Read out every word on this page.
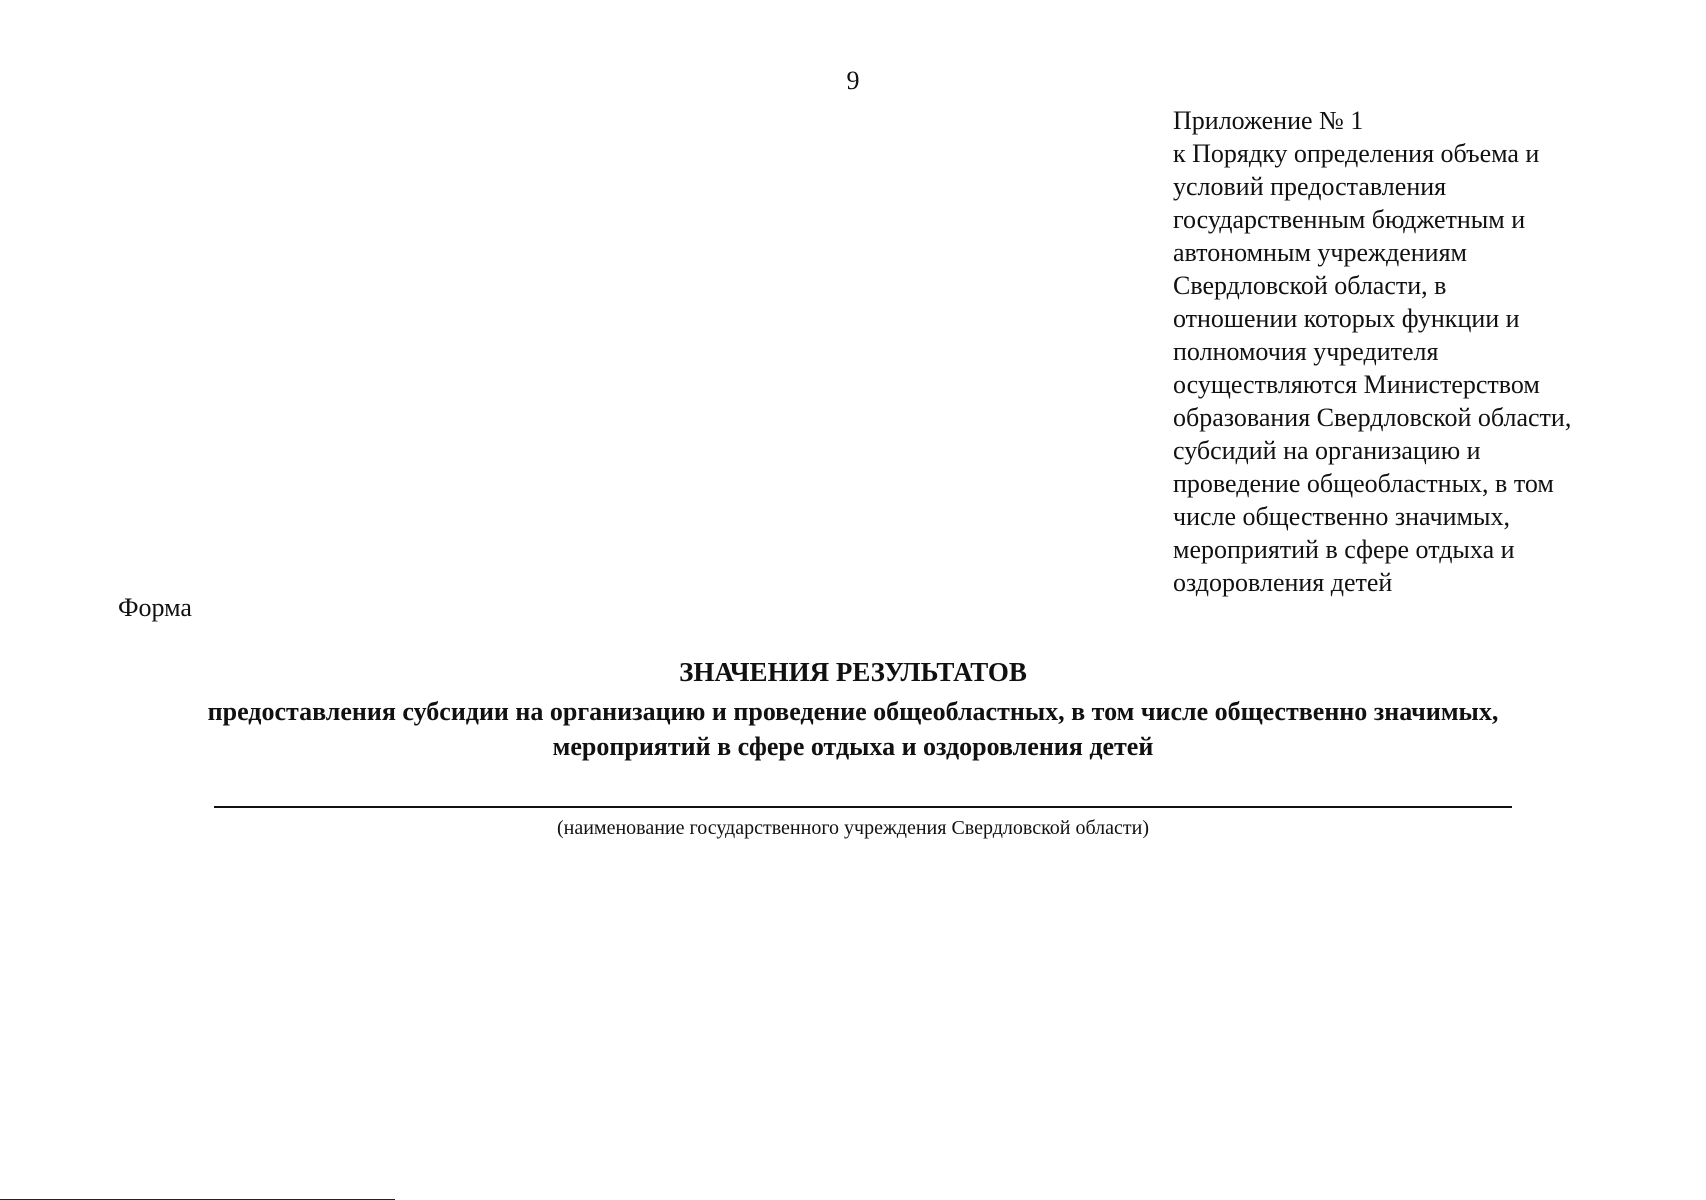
9
Приложение № 1
к Порядку определения объема и
условий предоставления
государственным бюджетным и
автономным учреждениям
Свердловской области, в
отношении которых функции и
полномочия учредителя
осуществляются Министерством
образования Свердловской области,
субсидий на организацию и
проведение общеобластных, в том
числе общественно значимых,
мероприятий в сфере отдыха и
оздоровления детей
Форма
ЗНАЧЕНИЯ РЕЗУЛЬТАТОВ
предоставления субсидии на организацию и проведение общеобластных, в том числе общественно значимых,
мероприятий в сфере отдыха и оздоровления детей
(наименование государственного учреждения Свердловской области)
